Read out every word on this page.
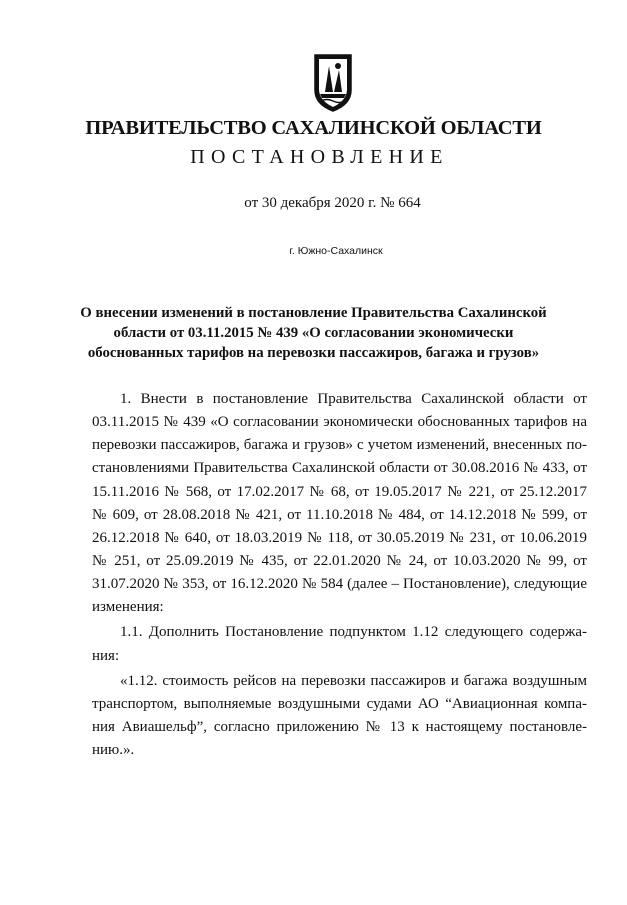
ПРАВИТЕЛЬСТВО САХАЛИНСКОЙ ОБЛАСТИ
ПОСТАНОВЛЕНИЕ
от 30 декабря 2020 г. № 664
г. Южно-Сахалинск
О внесении изменений в постановление Правительства Сахалинской
области от 03.11.2015 № 439 «О согласовании экономически
обоснованных тарифов на перевозки пассажиров, багажа и грузов»
1. Внести в постановление Правительства Сахалинской области от
03.11.2015 № 439 «О согласовании экономически обоснованных тарифов на
перевозки пассажиров, багажа и грузов» с учетом изменений, внесенных по-
становлениями Правительства Сахалинской области от 30.08.2016 № 433, от
15.11.2016 № 568, от 17.02.2017 № 68, от 19.05.2017 № 221, от 25.12.2017
№ 609, от 28.08.2018 № 421, от 11.10.2018 № 484, от 14.12.2018 № 599, от
26.12.2018 № 640, от 18.03.2019 № 118, от 30.05.2019 № 231, от 10.06.2019
№ 251, от 25.09.2019 № 435, от 22.01.2020 № 24, от 10.03.2020 № 99, от
31.07.2020 № 353, от 16.12.2020 № 584 (далее – Постановление), следующие
изменения:
1.1. Дополнить Постановление подпунктом 1.12 следующего содержа-
ния:
«1.12. стоимость рейсов на перевозки пассажиров и багажа воздушным
транспортом, выполняемые воздушными судами АО “Авиационная компа-
ния Авиашельф”, согласно приложению № 13 к настоящему постановле-
нию.».
